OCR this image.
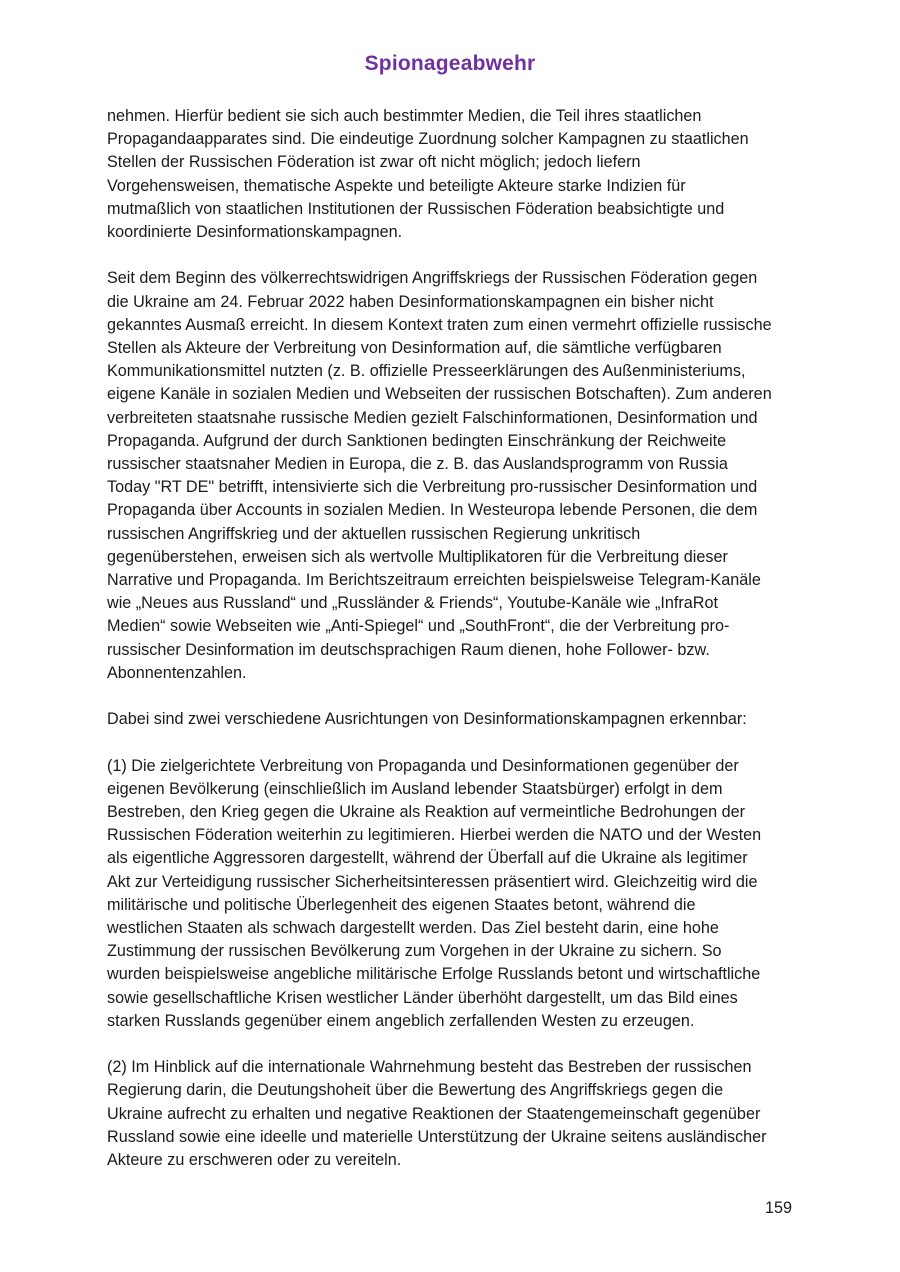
Spionageabwehr

nehmen. Hierfür bedient sie sich auch bestimmter Medien, die Teil ihres staatlichen
Propagandaapparates sind. Die eindeutige Zuordnung solcher Kampagnen zu staatlichen
Stellen der Russischen Föderation ist zwar oft nicht möglich; jedoch liefern
Vorgehensweisen, thematische Aspekte und beteiligte Akteure starke Indizien für
mutmaßlich von staatlichen Institutionen der Russischen Föderation beabsichtigte und
koordinierte Desinformationskampagnen.

Seit dem Beginn des völkerrechtswidrigen Angriffskriegs der Russischen Föderation gegen
die Ukraine am 24. Februar 2022 haben Desinformationskampagnen ein bisher nicht
gekanntes Ausmaß erreicht. In diesem Kontext traten zum einen vermehrt offizielle russische
Stellen als Akteure der Verbreitung von Desinformation auf, die sämtliche verfügbaren
Kommunikationsmittel nutzten (z. B. offizielle Presseerklärungen des Außenministeriums,
eigene Kanäle in sozialen Medien und Webseiten der russischen Botschaften). Zum anderen
verbreiteten staatsnahe russische Medien gezielt Falschinformationen, Desinformation und
Propaganda. Aufgrund der durch Sanktionen bedingten Einschränkung der Reichweite
russischer staatsnaher Medien in Europa, die z. B. das Auslandsprogramm von Russia
Today "RT DE" betrifft, intensivierte sich die Verbreitung pro-russischer Desinformation und
Propaganda über Accounts in sozialen Medien. In Westeuropa lebende Personen, die dem
russischen Angriffskrieg und der aktuellen russischen Regierung unkritisch
gegenüberstehen, erweisen sich als wertvolle Multiplikatoren für die Verbreitung dieser
Narrative und Propaganda. Im Berichtszeitraum erreichten beispielsweise Telegram-Kanäle
wie „Neues aus Russland“ und „Russländer & Friends“, Youtube-Kanäle wie „InfraRot
Medien“ sowie Webseiten wie „Anti-Spiegel“ und „SouthFront“, die der Verbreitung pro-
russischer Desinformation im deutschsprachigen Raum dienen, hohe Follower- bzw.
Abonnentenzahlen.

Dabei sind zwei verschiedene Ausrichtungen von Desinformationskampagnen erkennbar:

(1) Die zielgerichtete Verbreitung von Propaganda und Desinformationen gegenüber der
eigenen Bevölkerung (einschließlich im Ausland lebender Staatsbürger) erfolgt in dem
Bestreben, den Krieg gegen die Ukraine als Reaktion auf vermeintliche Bedrohungen der
Russischen Föderation weiterhin zu legitimieren. Hierbei werden die NATO und der Westen
als eigentliche Aggressoren dargestellt, während der Überfall auf die Ukraine als legitimer
Akt zur Verteidigung russischer Sicherheitsinteressen präsentiert wird. Gleichzeitig wird die
militärische und politische Überlegenheit des eigenen Staates betont, während die
westlichen Staaten als schwach dargestellt werden. Das Ziel besteht darin, eine hohe
Zustimmung der russischen Bevölkerung zum Vorgehen in der Ukraine zu sichern. So
wurden beispielsweise angebliche militärische Erfolge Russlands betont und wirtschaftliche
sowie gesellschaftliche Krisen westlicher Länder überhöht dargestellt, um das Bild eines
starken Russlands gegenüber einem angeblich zerfallenden Westen zu erzeugen.

(2) Im Hinblick auf die internationale Wahrnehmung besteht das Bestreben der russischen
Regierung darin, die Deutungshoheit über die Bewertung des Angriffskriegs gegen die
Ukraine aufrecht zu erhalten und negative Reaktionen der Staatengemeinschaft gegenüber
Russland sowie eine ideelle und materielle Unterstützung der Ukraine seitens ausländischer
Akteure zu erschweren oder zu vereiteln.

159
